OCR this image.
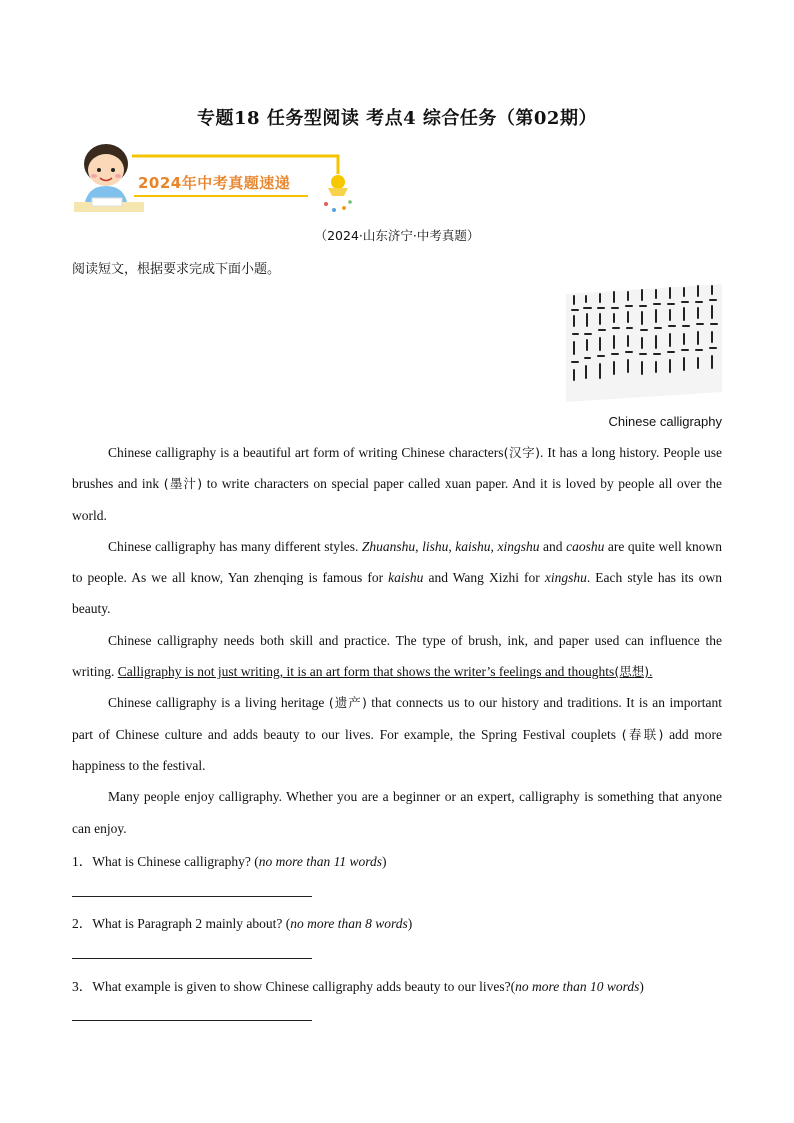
专题18 任务型阅读 考点4 综合任务（第02期）
2024年中考真题速递
（2024·山东济宁·中考真题）
阅读短文，根据要求完成下面小题。
Chinese calligraphy

Chinese calligraphy is a beautiful art form of writing Chinese characters(汉字). It has a long history. People use brushes and ink (墨汁) to write characters on special paper called xuan paper. And it is loved by people all over the world.

Chinese calligraphy has many different styles. Zhuanshu, lishu, kaishu, xingshu and caoshu are quite well known to people. As we all know, Yan zhenqing is famous for kaishu and Wang Xizhi for xingshu. Each style has its own beauty.

Chinese calligraphy needs both skill and practice. The type of brush, ink, and paper used can influence the writing. Calligraphy is not just writing, it is an art form that shows the writer’s feelings and thoughts(思想).

Chinese calligraphy is a living heritage (遗产) that connects us to our history and traditions. It is an important part of Chinese culture and adds beauty to our lives. For example, the Spring Festival couplets (春联) add more happiness to the festival.

Many people enjoy calligraphy. Whether you are a beginner or an expert, calligraphy is something that anyone can enjoy.

1．What is Chinese calligraphy? (no more than 11 words)
2．What is Paragraph 2 mainly about? (no more than 8 words)
3．What example is given to show Chinese calligraphy adds beauty to our lives?(no more than 10 words)
